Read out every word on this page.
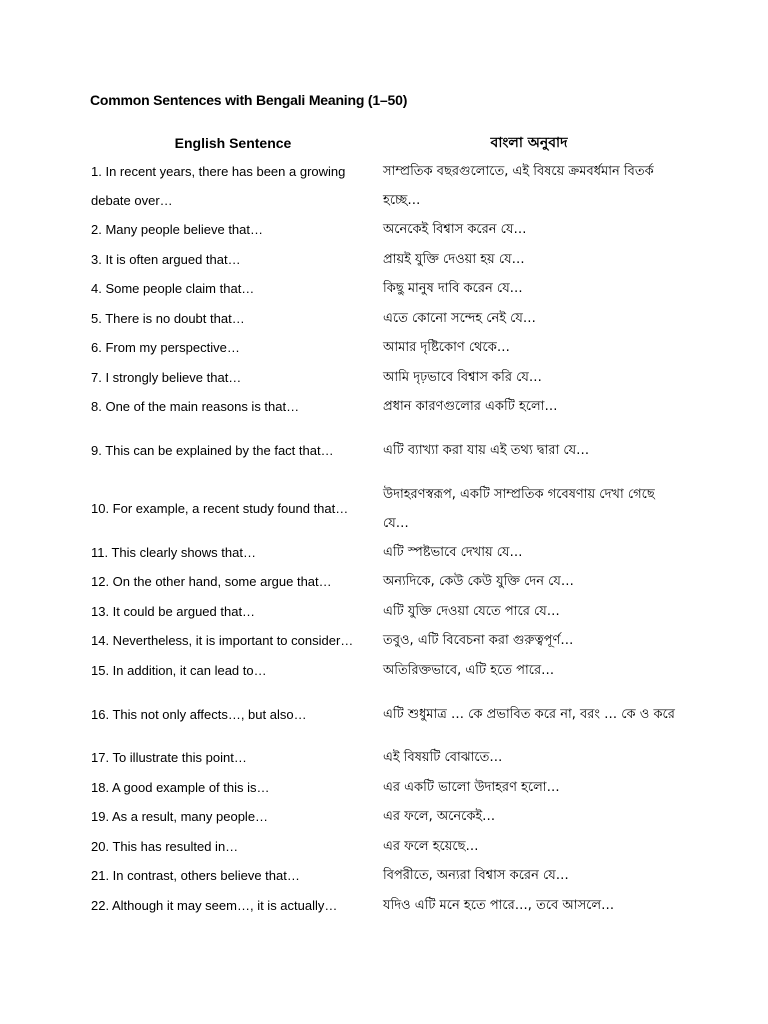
Common Sentences with Bengali Meaning (1–50)
English Sentence	বাংলা অনুবাদ
1. In recent years, there has been a growing debate over…	সাম্প্রতিক বছরগুলোতে, এই বিষয়ে ক্রমবর্ধমান বিতর্ক হচ্ছে…
2. Many people believe that…	অনেকেই বিশ্বাস করেন যে…
3. It is often argued that…	প্রায়ই যুক্তি দেওয়া হয় যে…
4. Some people claim that…	কিছু মানুষ দাবি করেন যে…
5. There is no doubt that…	এতে কোনো সন্দেহ নেই যে…
6. From my perspective…	আমার দৃষ্টিকোণ থেকে…
7. I strongly believe that…	আমি দৃঢ়ভাবে বিশ্বাস করি যে…
8. One of the main reasons is that…	প্রধান কারণগুলোর একটি হলো…
9. This can be explained by the fact that…	এটি ব্যাখ্যা করা যায় এই তথ্য দ্বারা যে…
10. For example, a recent study found that…	উদাহরণস্বরূপ, একটি সাম্প্রতিক গবেষণায় দেখা গেছে যে…
11. This clearly shows that…	এটি স্পষ্টভাবে দেখায় যে…
12. On the other hand, some argue that…	অন্যদিকে, কেউ কেউ যুক্তি দেন যে…
13. It could be argued that…	এটি যুক্তি দেওয়া যেতে পারে যে…
14. Nevertheless, it is important to consider…	তবুও, এটি বিবেচনা করা গুরুত্বপূর্ণ…
15. In addition, it can lead to…	অতিরিক্তভাবে, এটি হতে পারে…
16. This not only affects…, but also…	এটি শুধুমাত্র … কে প্রভাবিত করে না, বরং … কে ও করে
17. To illustrate this point…	এই বিষয়টি বোঝাতে…
18. A good example of this is…	এর একটি ভালো উদাহরণ হলো…
19. As a result, many people…	এর ফলে, অনেকেই…
20. This has resulted in…	এর ফলে হয়েছে…
21. In contrast, others believe that…	বিপরীতে, অন্যরা বিশ্বাস করেন যে…
22. Although it may seem…, it is actually…	যদিও এটি মনে হতে পারে…, তবে আসলে…
